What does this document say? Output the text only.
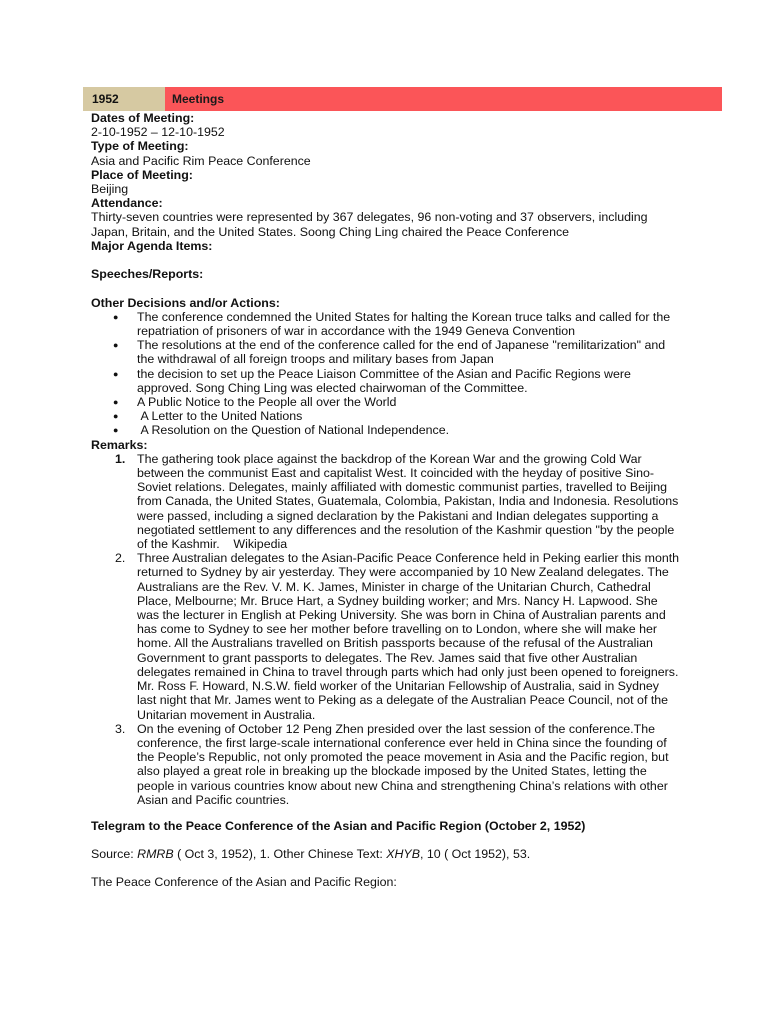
1952	Meetings
Dates of Meeting:
2-10-1952 – 12-10-1952
Type of Meeting:
Asia and Pacific Rim Peace Conference
Place of Meeting:
Beijing
Attendance:
Thirty-seven countries were represented by 367 delegates, 96 non-voting and 37 observers, including Japan, Britain, and the United States. Soong Ching Ling chaired the Peace Conference
Major Agenda Items:
Speeches/Reports:
Other Decisions and/or Actions:
● The conference condemned the United States for halting the Korean truce talks and called for the repatriation of prisoners of war in accordance with the 1949 Geneva Convention
● The resolutions at the end of the conference called for the end of Japanese "remilitarization" and the withdrawal of all foreign troops and military bases from Japan
● the decision to set up the Peace Liaison Committee of the Asian and Pacific Regions were approved. Song Ching Ling was elected chairwoman of the Committee.
● A Public Notice to the People all over the World
● A Letter to the United Nations
● A Resolution on the Question of National Independence.
Remarks:
1. The gathering took place against the backdrop of the Korean War and the growing Cold War between the communist East and capitalist West. It coincided with the heyday of positive Sino-Soviet relations. Delegates, mainly affiliated with domestic communist parties, travelled to Beijing from Canada, the United States, Guatemala, Colombia, Pakistan, India and Indonesia. Resolutions were passed, including a signed declaration by the Pakistani and Indian delegates supporting a negotiated settlement to any differences and the resolution of the Kashmir question "by the people of the Kashmir.    Wikipedia
2. Three Australian delegates to the Asian-Pacific Peace Conference held in Peking earlier this month returned to Sydney by air yesterday. They were accompanied by 10 New Zealand delegates. The Australians are the Rev. V. M. K. James, Minister in charge of the Unitarian Church, Cathedral Place, Melbourne; Mr. Bruce Hart, a Sydney building worker; and Mrs. Nancy H. Lapwood. She was the lecturer in English at Peking University. She was born in China of Australian parents and has come to Sydney to see her mother before travelling on to London, where she will make her home. All the Australians travelled on British passports because of the refusal of the Australian Government to grant passports to delegates. The Rev. James said that five other Australian delegates remained in China to travel through parts which had only just been opened to foreigners. Mr. Ross F. Howard, N.S.W. field worker of the Unitarian Fellowship of Australia, said in Sydney last night that Mr. James went to Peking as a delegate of the Australian Peace Council, not of the Unitarian movement in Australia.
3. On the evening of October 12 Peng Zhen presided over the last session of the conference.The conference, the first large-scale international conference ever held in China since the founding of the People’s Republic, not only promoted the peace movement in Asia and the Pacific region, but also played a great role in breaking up the blockade imposed by the United States, letting the people in various countries know about new China and strengthening China’s relations with other Asian and Pacific countries.
Telegram to the Peace Conference of the Asian and Pacific Region (October 2, 1952)
Source: RMRB ( Oct 3, 1952), 1. Other Chinese Text: XHYB, 10 ( Oct 1952), 53.
The Peace Conference of the Asian and Pacific Region:
